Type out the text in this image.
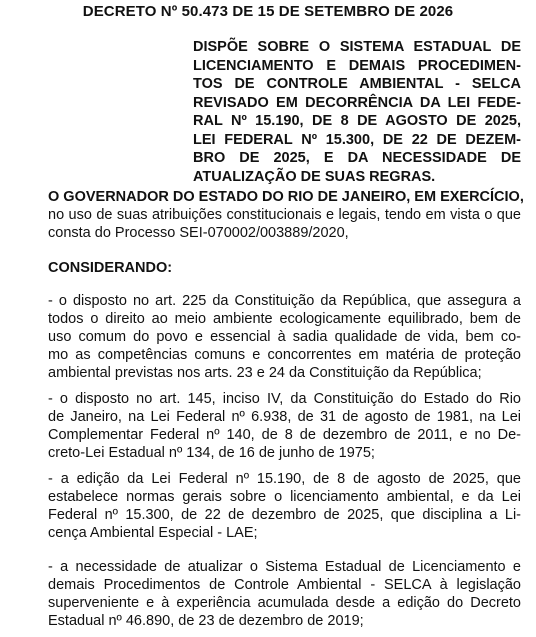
DECRETO Nº 50.473 DE 15 DE SETEMBRO DE 2026
DISPÕE SOBRE O SISTEMA ESTADUAL DE
LICENCIAMENTO E DEMAIS PROCEDIMEN-
TOS DE CONTROLE AMBIENTAL - SELCA
REVISADO EM DECORRÊNCIA DA LEI FEDE-
RAL Nº 15.190, DE 8 DE AGOSTO DE 2025,
LEI FEDERAL Nº 15.300, DE 22 DE DEZEM-
BRO DE 2025, E DA NECESSIDADE DE
ATUALIZAÇÃO DE SUAS REGRAS.
O GOVERNADOR DO ESTADO DO RIO DE JANEIRO, EM EXERCÍCIO,
no uso de suas atribuições constitucionais e legais, tendo em vista o que
consta do Processo SEI-070002/003889/2020,
CONSIDERANDO:
- o disposto no art. 225 da Constituição da República, que assegura a
todos o direito ao meio ambiente ecologicamente equilibrado, bem de
uso comum do povo e essencial à sadia qualidade de vida, bem co-
mo as competências comuns e concorrentes em matéria de proteção
ambiental previstas nos arts. 23 e 24 da Constituição da República;
- o disposto no art. 145, inciso IV, da Constituição do Estado do Rio
de Janeiro, na Lei Federal nº 6.938, de 31 de agosto de 1981, na Lei
Complementar Federal nº 140, de 8 de dezembro de 2011, e no De-
creto-Lei Estadual nº 134, de 16 de junho de 1975;
- a edição da Lei Federal nº 15.190, de 8 de agosto de 2025, que
estabelece normas gerais sobre o licenciamento ambiental, e da Lei
Federal nº 15.300, de 22 de dezembro de 2025, que disciplina a Li-
cença Ambiental Especial - LAE;
- a necessidade de atualizar o Sistema Estadual de Licenciamento e
demais Procedimentos de Controle Ambiental - SELCA à legislação
superveniente e à experiência acumulada desde a edição do Decreto
Estadual nº 46.890, de 23 de dezembro de 2019;
